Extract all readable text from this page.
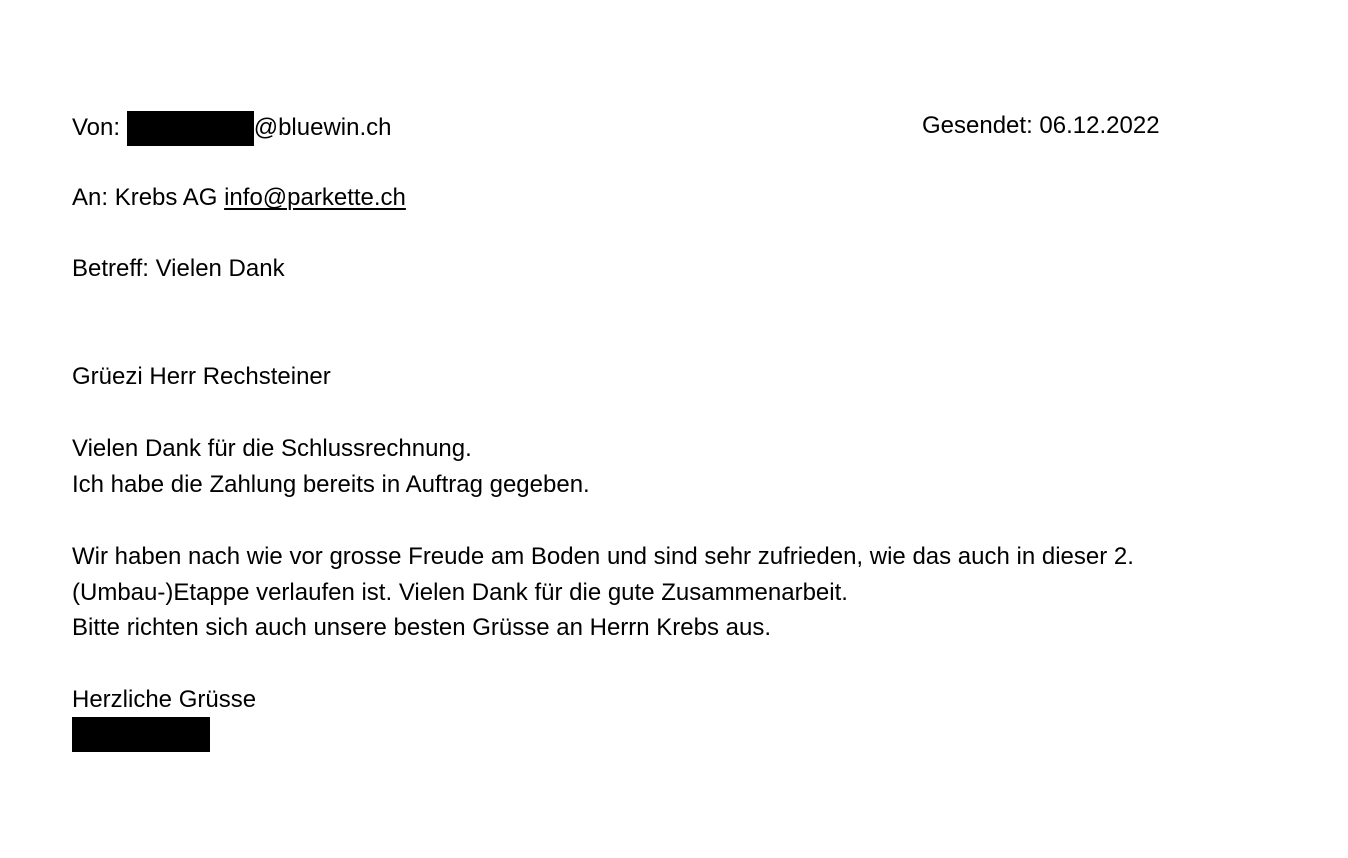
Von:	@bluewin.ch	Gesendet: 06.12.2022
An: Krebs AG info@parkette.ch
Betreff: Vielen Dank
Grüezi Herr Rechsteiner
Vielen Dank für die Schlussrechnung.
Ich habe die Zahlung bereits in Auftrag gegeben.
Wir haben nach wie vor grosse Freude am Boden und sind sehr zufrieden, wie das auch in dieser 2.
(Umbau-)Etappe verlaufen ist. Vielen Dank für die gute Zusammenarbeit.
Bitte richten sich auch unsere besten Grüsse an Herrn Krebs aus.
Herzliche Grüsse
